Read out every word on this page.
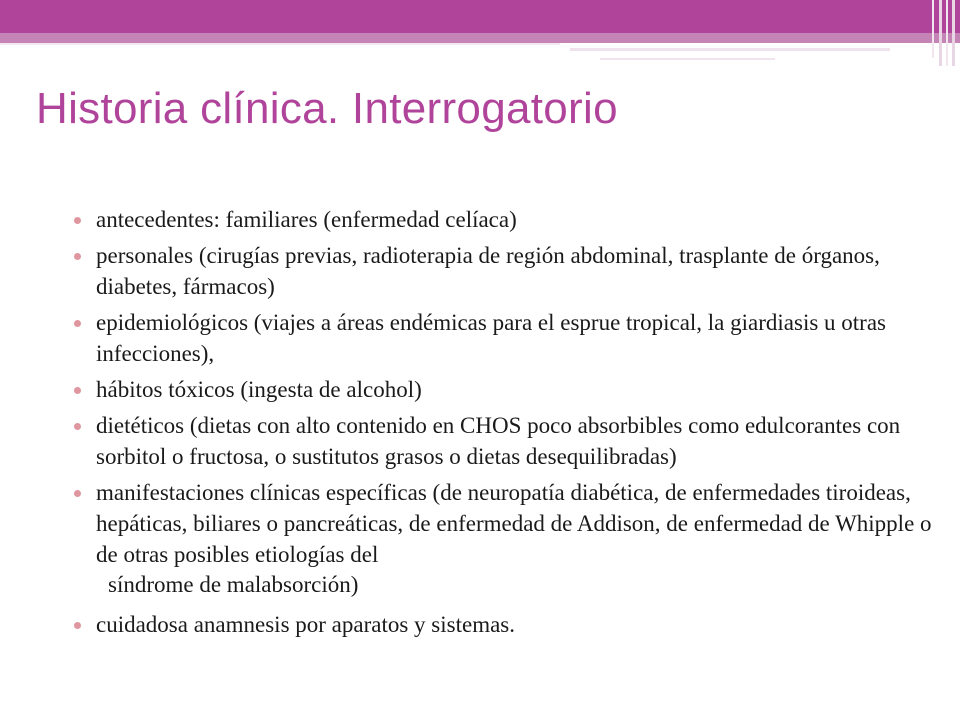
Historia clínica. Interrogatorio
antecedentes: familiares (enfermedad celíaca)
personales (cirugías previas, radioterapia de región abdominal, trasplante de órganos, diabetes, fármacos)
epidemiológicos (viajes a áreas endémicas para el esprue tropical, la giardiasis u otras infecciones),
hábitos tóxicos (ingesta de alcohol)
dietéticos (dietas con alto contenido en CHOS poco absorbibles como edulcorantes con sorbitol o fructosa, o sustitutos grasos o dietas desequilibradas)
manifestaciones clínicas específicas (de neuropatía diabética, de enfermedades tiroideas, hepáticas, biliares o pancreáticas, de enfermedad de Addison, de enfermedad de Whipple o de otras posibles etiologías del
síndrome de malabsorción)
cuidadosa anamnesis por aparatos y sistemas.
